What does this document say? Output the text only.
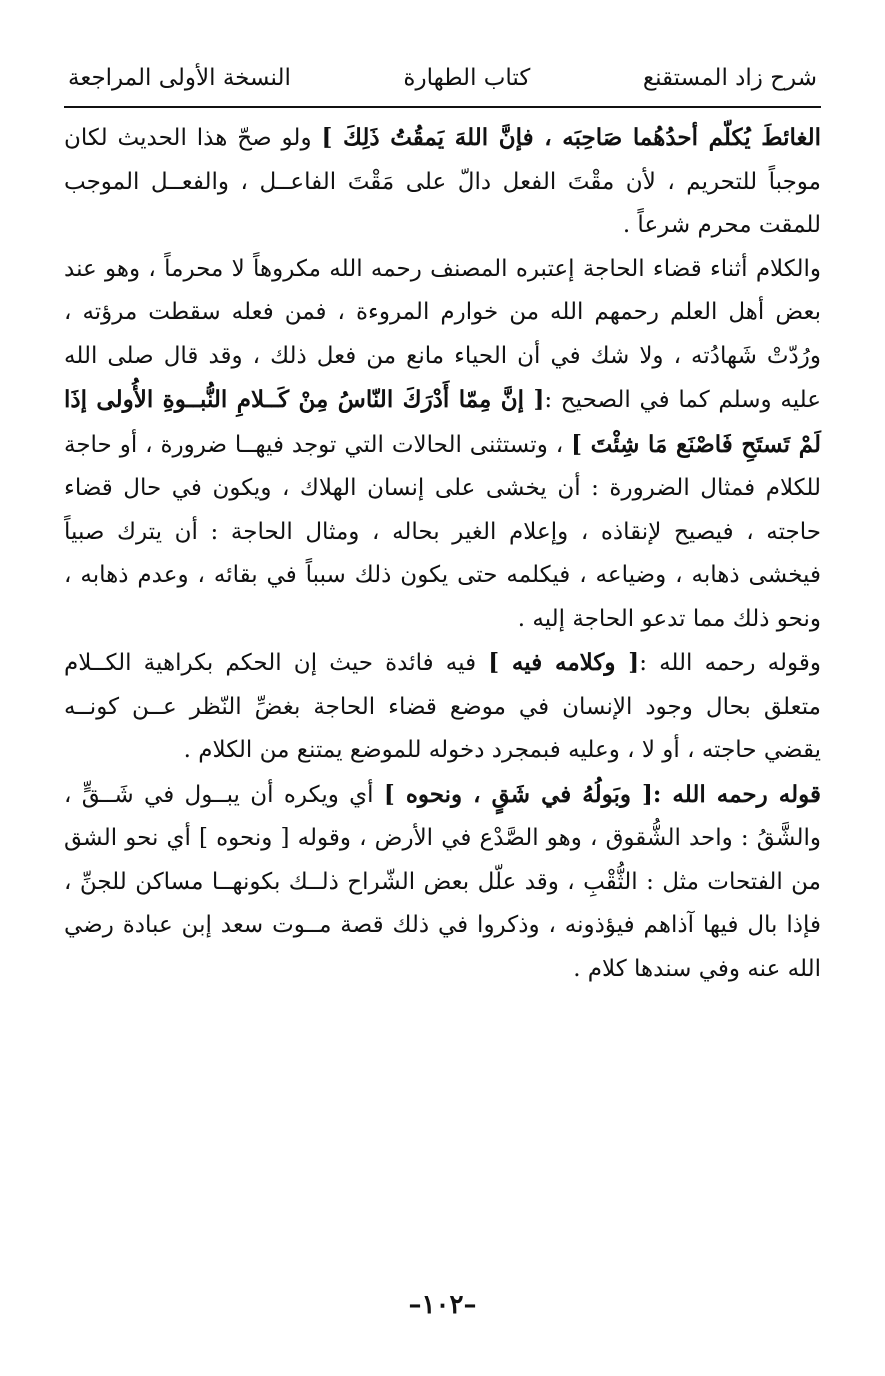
شرح زاد المستقنع
كتاب الطهارة
النسخة الأولى المراجعة

الغائطَ يُكلّم أحدُهُما صَاحِبَه ، فإنَّ اللهَ يَمقُتُ ذَلِكَ ] ولو صحّ هذا الحديث لكان موجباً للتحريم ، لأن مقْتَ الفعل دالّ على مَقْتَ الفاعــل ، والفعــل الموجب للمقت محرم شرعاً .

والكلام أثناء قضاء الحاجة إعتبره المصنف رحمه الله مكروهاً لا محرماً ، وهو عند بعض أهل العلم رحمهم الله من خوارم المروءة ، فمن فعله سقطت مرؤته ، ورُدّتْ شَهادُته ، ولا شك في أن الحياء مانع من فعل ذلك ، وقد قال صلى الله عليه وسلم كما في الصحيح :[ إنَّ مِمّا أَدْرَكَ النّاسُ مِنْ كَــلامِ النُّبــوةِ الأُولى إذَا لَمْ تَستَحِ فَاصْنَع مَا شِئْتَ ] ، وتستثنى الحالات التي توجد فيهــا ضرورة ، أو حاجة للكلام فمثال الضرورة : أن يخشى على إنسان الهلاك ، ويكون في حال قضاء حاجته ، فيصيح لإنقاذه ، وإعلام الغير بحاله ، ومثال الحاجة : أن يترك صبياً فيخشى ذهابه ، وضياعه ، فيكلمه حتى يكون ذلك سبباً في بقائه ، وعدم ذهابه ، ونحو ذلك مما تدعو الحاجة إليه .

وقوله رحمه الله :[ وكلامه فيه ] فيه فائدة حيث إن الحكم بكراهية الكــلام متعلق بحال وجود الإنسان في موضع قضاء الحاجة بغضِّ النّظر عــن كونــه يقضي حاجته ، أو لا ، وعليه فبمجرد دخوله للموضع يمتنع من الكلام .

قوله رحمه الله :[ وبَولُهُ في شَقٍ ، ونحوه ] أي ويكره أن يبــول في شَــقٍّ ، والشَّقُ : واحد الشُّقوق ، وهو الصَّدْع في الأرض ، وقوله [ ونحوه ] أي نحو الشق من الفتحات مثل : الثُّقْبِ ، وقد علّل بعض الشّراح ذلــك بكونهــا مساكن للجنِّ ، فإذا بال فيها آذاهم فيؤذونه ، وذكروا في ذلك قصة مــوت سعد إبن عبادة رضي الله عنه وفي سندها كلام .

–١٠٢–
